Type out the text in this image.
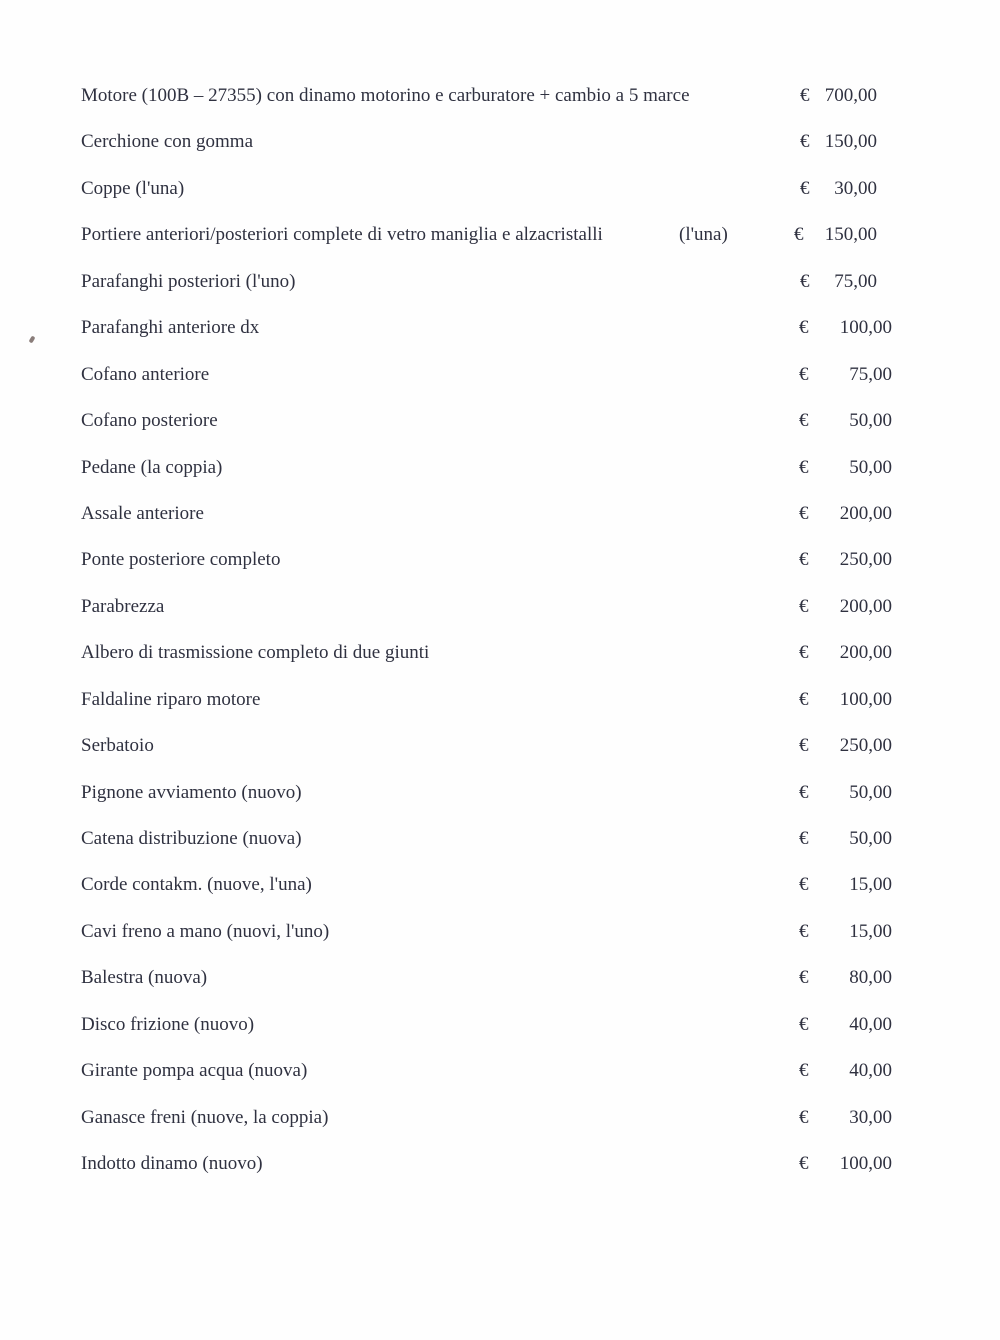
Motore (100B – 27355) con dinamo motorino e carburatore + cambio a 5 marce	€ 700,00
Cerchione con gomma	€ 150,00
Coppe (l'una)	€ 30,00
Portiere anteriori/posteriori complete di vetro maniglia e alzacristalli	(l'una)	€ 150,00
Parafanghi posteriori (l'uno)	€ 75,00
Parafanghi anteriore dx	€ 100,00
Cofano anteriore	€ 75,00
Cofano posteriore	€ 50,00
Pedane (la coppia)	€ 50,00
Assale anteriore	€ 200,00
Ponte posteriore completo	€ 250,00
Parabrezza	€ 200,00
Albero di trasmissione completo di due giunti	€ 200,00
Faldaline riparo motore	€ 100,00
Serbatoio	€ 250,00
Pignone avviamento (nuovo)	€ 50,00
Catena distribuzione (nuova)	€ 50,00
Corde contakm. (nuove, l'una)	€ 15,00
Cavi freno a mano (nuovi, l'uno)	€ 15,00
Balestra (nuova)	€ 80,00
Disco frizione (nuovo)	€ 40,00
Girante pompa acqua (nuova)	€ 40,00
Ganasce freni (nuove, la coppia)	€ 30,00
Indotto dinamo (nuovo)	€ 100,00
